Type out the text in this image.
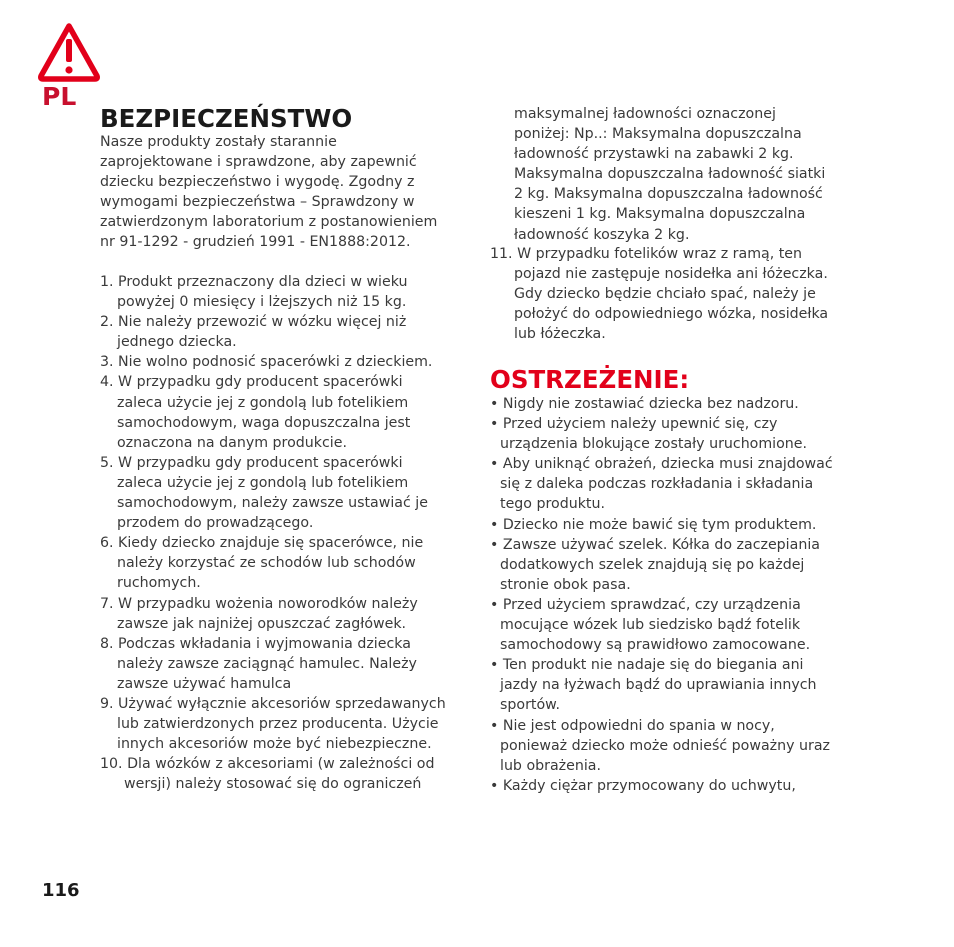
PL
BEZPIECZEŃSTWO

Nasze produkty zostały starannie

zaprojektowane i sprawdzone, aby zapewnić

dziecku bezpieczeństwo i wygodę. Zgodny z

wymogami bezpieczeństwa – Sprawdzony w

zatwierdzonym laboratorium z postanowieniem

nr 91-1292 - grudzień 1991 - EN1888:2012.

1. Produkt przeznaczony dla dzieci w wieku

powyżej 0 miesięcy i lżejszych niż 15 kg.

2. Nie należy przewozić w wózku więcej niż

jednego dziecka.

3. Nie wolno podnosić spacerówki z dzieckiem.

4. W przypadku gdy producent spacerówki

zaleca użycie jej z gondolą lub fotelikiem

samochodowym, waga dopuszczalna jest

oznaczona na danym produkcie.

5. W przypadku gdy producent spacerówki

zaleca użycie jej z gondolą lub fotelikiem

samochodowym, należy zawsze ustawiać je

przodem do prowadzącego.

6. Kiedy dziecko znajduje się spacerówce, nie

należy korzystać ze schodów lub schodów

ruchomych.

7. W przypadku wożenia noworodków należy

zawsze jak najniżej opuszczać zagłówek.

8. Podczas wkładania i wyjmowania dziecka

należy zawsze zaciągnąć hamulec. Należy

zawsze używać hamulca

9. Używać wyłącznie akcesoriów sprzedawanych

lub zatwierdzonych przez producenta. Użycie

innych akcesoriów może być niebezpieczne.

10. Dla wózków z akcesoriami (w zależności od

wersji) należy stosować się do ograniczeń

maksymalnej ładowności oznaczonej

poniżej: Np..: Maksymalna dopuszczalna

ładowność przystawki na zabawki 2 kg.

Maksymalna dopuszczalna ładowność siatki

2 kg. Maksymalna dopuszczalna ładowność

kieszeni 1 kg. Maksymalna dopuszczalna

ładowność koszyka 2 kg.

11. W przypadku fotelików wraz z ramą, ten

pojazd nie zastępuje nosidełka ani łóżeczka.

Gdy dziecko będzie chciało spać, należy je

położyć do odpowiedniego wózka, nosidełka

lub łóżeczka.

• Nigdy nie zostawiać dziecka bez nadzoru.

• Przed użyciem należy upewnić się, czy

urządzenia blokujące zostały uruchomione.

• Aby uniknąć obrażeń, dziecka musi znajdować

się z daleka podczas rozkładania i składania

tego produktu.

• Dziecko nie może bawić się tym produktem.

• Zawsze używać szelek. Kółka do zaczepiania

dodatkowych szelek znajdują się po każdej

stronie obok pasa.

• Przed użyciem sprawdzać, czy urządzenia

mocujące wózek lub siedzisko bądź fotelik

samochodowy są prawidłowo zamocowane.

• Ten produkt nie nadaje się do biegania ani

jazdy na łyżwach bądź do uprawiania innych

sportów.

• Nie jest odpowiedni do spania w nocy,

ponieważ dziecko może odnieść poważny uraz

lub obrażenia.

• Każdy ciężar przymocowany do uchwytu,

OSTRZEŻENIE:
116
